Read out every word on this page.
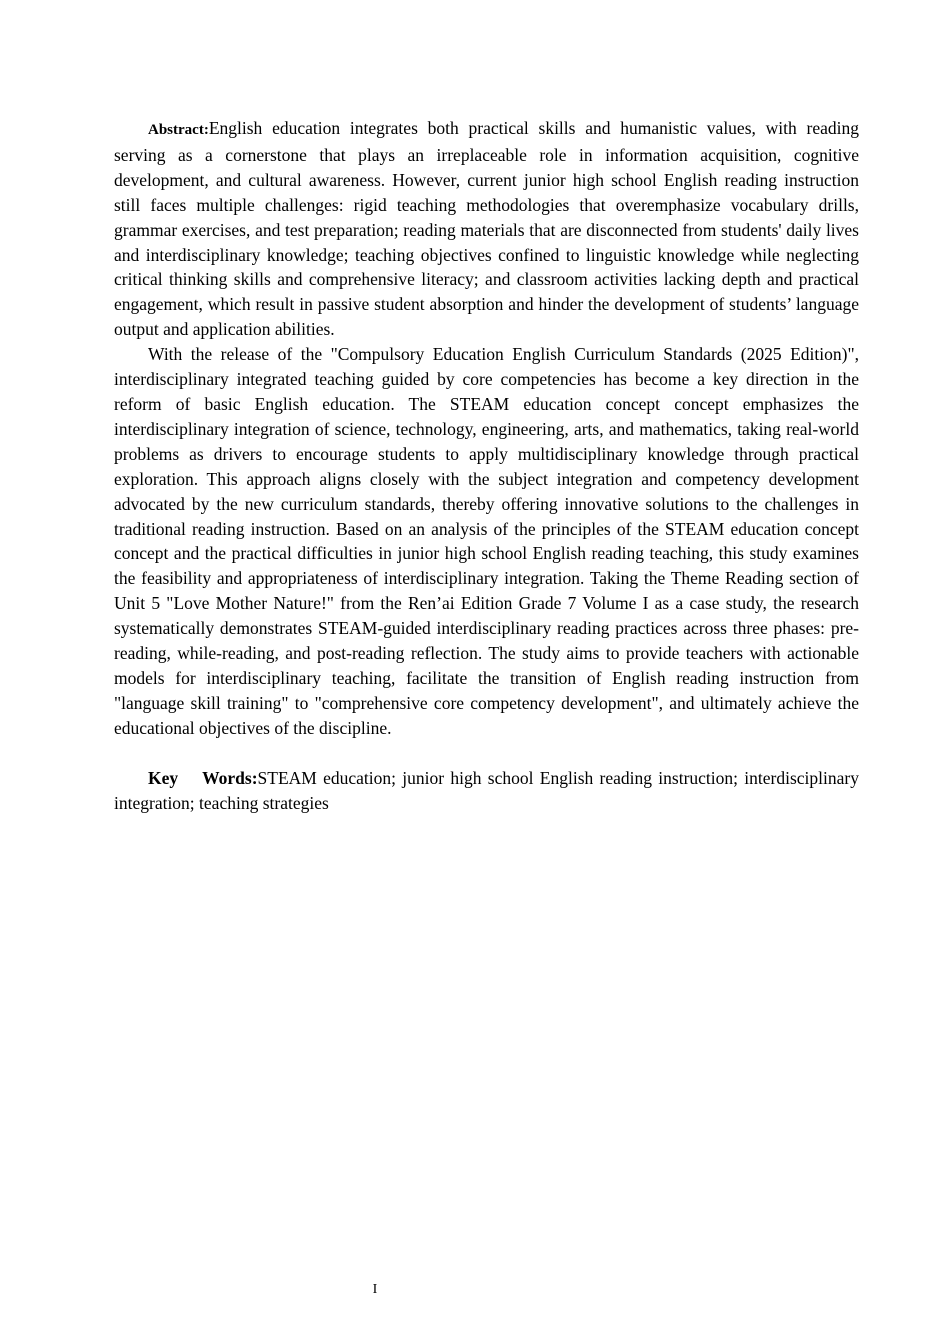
Abstract:English education integrates both practical skills and humanistic values, with reading serving as a cornerstone that plays an irreplaceable role in information acquisition, cognitive development, and cultural awareness. However, current junior high school English reading instruction still faces multiple challenges: rigid teaching methodologies that overemphasize vocabulary drills, grammar exercises, and test preparation; reading materials that are disconnected from students' daily lives and interdisciplinary knowledge; teaching objectives confined to linguistic knowledge while neglecting critical thinking skills and comprehensive literacy; and classroom activities lacking depth and practical engagement, which result in passive student absorption and hinder the development of students’ language output and application abilities.

With the release of the "Compulsory Education English Curriculum Standards (2025 Edition)", interdisciplinary integrated teaching guided by core competencies has become a key direction in the reform of basic English education. The STEAM education concept concept emphasizes the interdisciplinary integration of science, technology, engineering, arts, and mathematics, taking real-world problems as drivers to encourage students to apply multidisciplinary knowledge through practical exploration. This approach aligns closely with the subject integration and competency development advocated by the new curriculum standards, thereby offering innovative solutions to the challenges in traditional reading instruction. Based on an analysis of the principles of the STEAM education concept concept and the practical difficulties in junior high school English reading teaching, this study examines the feasibility and appropriateness of interdisciplinary integration. Taking the Theme Reading section of Unit 5 "Love Mother Nature!" from the Ren’ai Edition Grade 7 Volume I as a case study, the research systematically demonstrates STEAM-guided interdisciplinary reading practices across three phases: pre-reading, while-reading, and post-reading reflection. The study aims to provide teachers with actionable models for interdisciplinary teaching, facilitate the transition of English reading instruction from "language skill training" to "comprehensive core competency development", and ultimately achieve the educational objectives of the discipline.

Key Words:STEAM education; junior high school English reading instruction; interdisciplinary integration; teaching strategies

I
